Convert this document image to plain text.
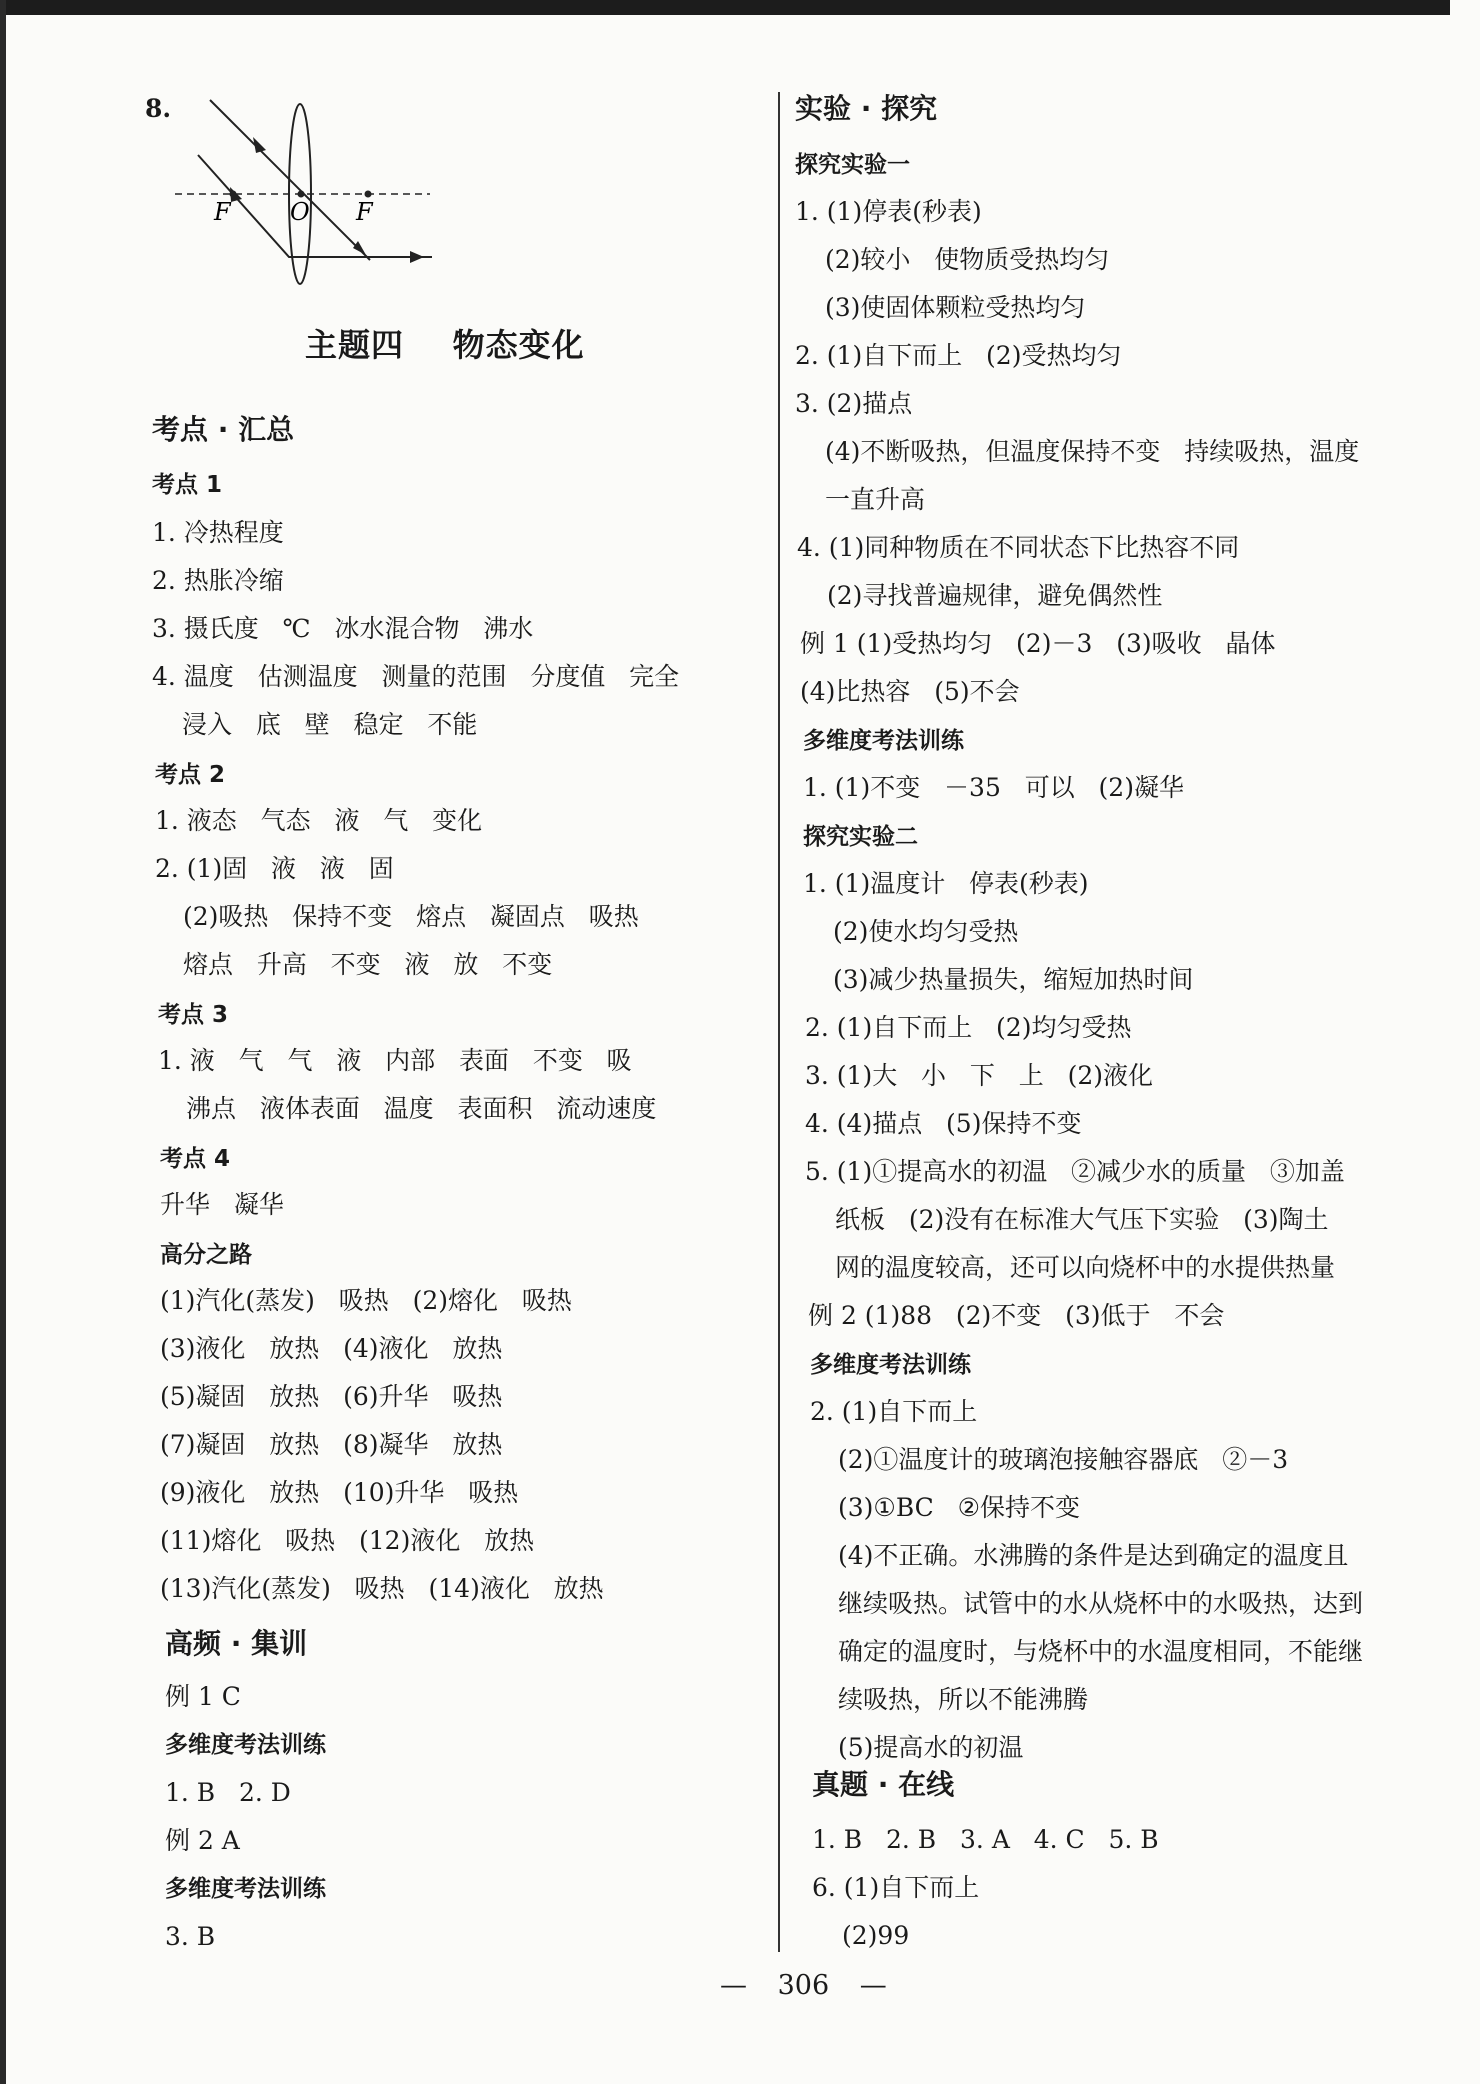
8.
F O F
主题四    物态变化
考点 · 汇总
考点 1
1. 冷热程度
2. 热胀冷缩
3. 摄氏度   ℃   冰水混合物   沸水
4. 温度   估测温度   测量的范围   分度值   完全
浸入   底   壁   稳定   不能
考点 2
1. 液态   气态   液   气   变化
2. (1)固   液   液   固
(2)吸热   保持不变   熔点   凝固点   吸热
熔点   升高   不变   液   放   不变
考点 3
1. 液   气   气   液   内部   表面   不变   吸
沸点   液体表面   温度   表面积   流动速度
考点 4
升华   凝华
高分之路
(1)汽化(蒸发)   吸热   (2)熔化   吸热
(3)液化   放热   (4)液化   放热
(5)凝固   放热   (6)升华   吸热
(7)凝固   放热   (8)凝华   放热
(9)液化   放热   (10)升华   吸热
(11)熔化   吸热   (12)液化   放热
(13)汽化(蒸发)   吸热   (14)液化   放热
高频 · 集训
例 1 C
多维度考法训练
1. B   2. D
例 2 A
多维度考法训练
3. B
实验 · 探究
探究实验一
1. (1)停表(秒表)
(2)较小   使物质受热均匀
(3)使固体颗粒受热均匀
2. (1)自下而上   (2)受热均匀
3. (2)描点
(4)不断吸热，但温度保持不变   持续吸热，温度
一直升高
4. (1)同种物质在不同状态下比热容不同
(2)寻找普遍规律，避免偶然性
例 1 (1)受热均匀   (2)－3   (3)吸收   晶体
(4)比热容   (5)不会
多维度考法训练
1. (1)不变   －35   可以   (2)凝华
探究实验二
1. (1)温度计   停表(秒表)
(2)使水均匀受热
(3)减少热量损失，缩短加热时间
2. (1)自下而上   (2)均匀受热
3. (1)大   小   下   上   (2)液化
4. (4)描点   (5)保持不变
5. (1)①提高水的初温   ②减少水的质量   ③加盖
纸板   (2)没有在标准大气压下实验   (3)陶土
网的温度较高，还可以向烧杯中的水提供热量
例 2 (1)88   (2)不变   (3)低于   不会
多维度考法训练
2. (1)自下而上
(2)①温度计的玻璃泡接触容器底   ②－3
(3)①BC   ②保持不变
(4)不正确。水沸腾的条件是达到确定的温度且
继续吸热。试管中的水从烧杯中的水吸热，达到
确定的温度时，与烧杯中的水温度相同，不能继
续吸热，所以不能沸腾
(5)提高水的初温
真题 · 在线
1. B   2. B   3. A   4. C   5. B
6. (1)自下而上
(2)99
— 306 —
